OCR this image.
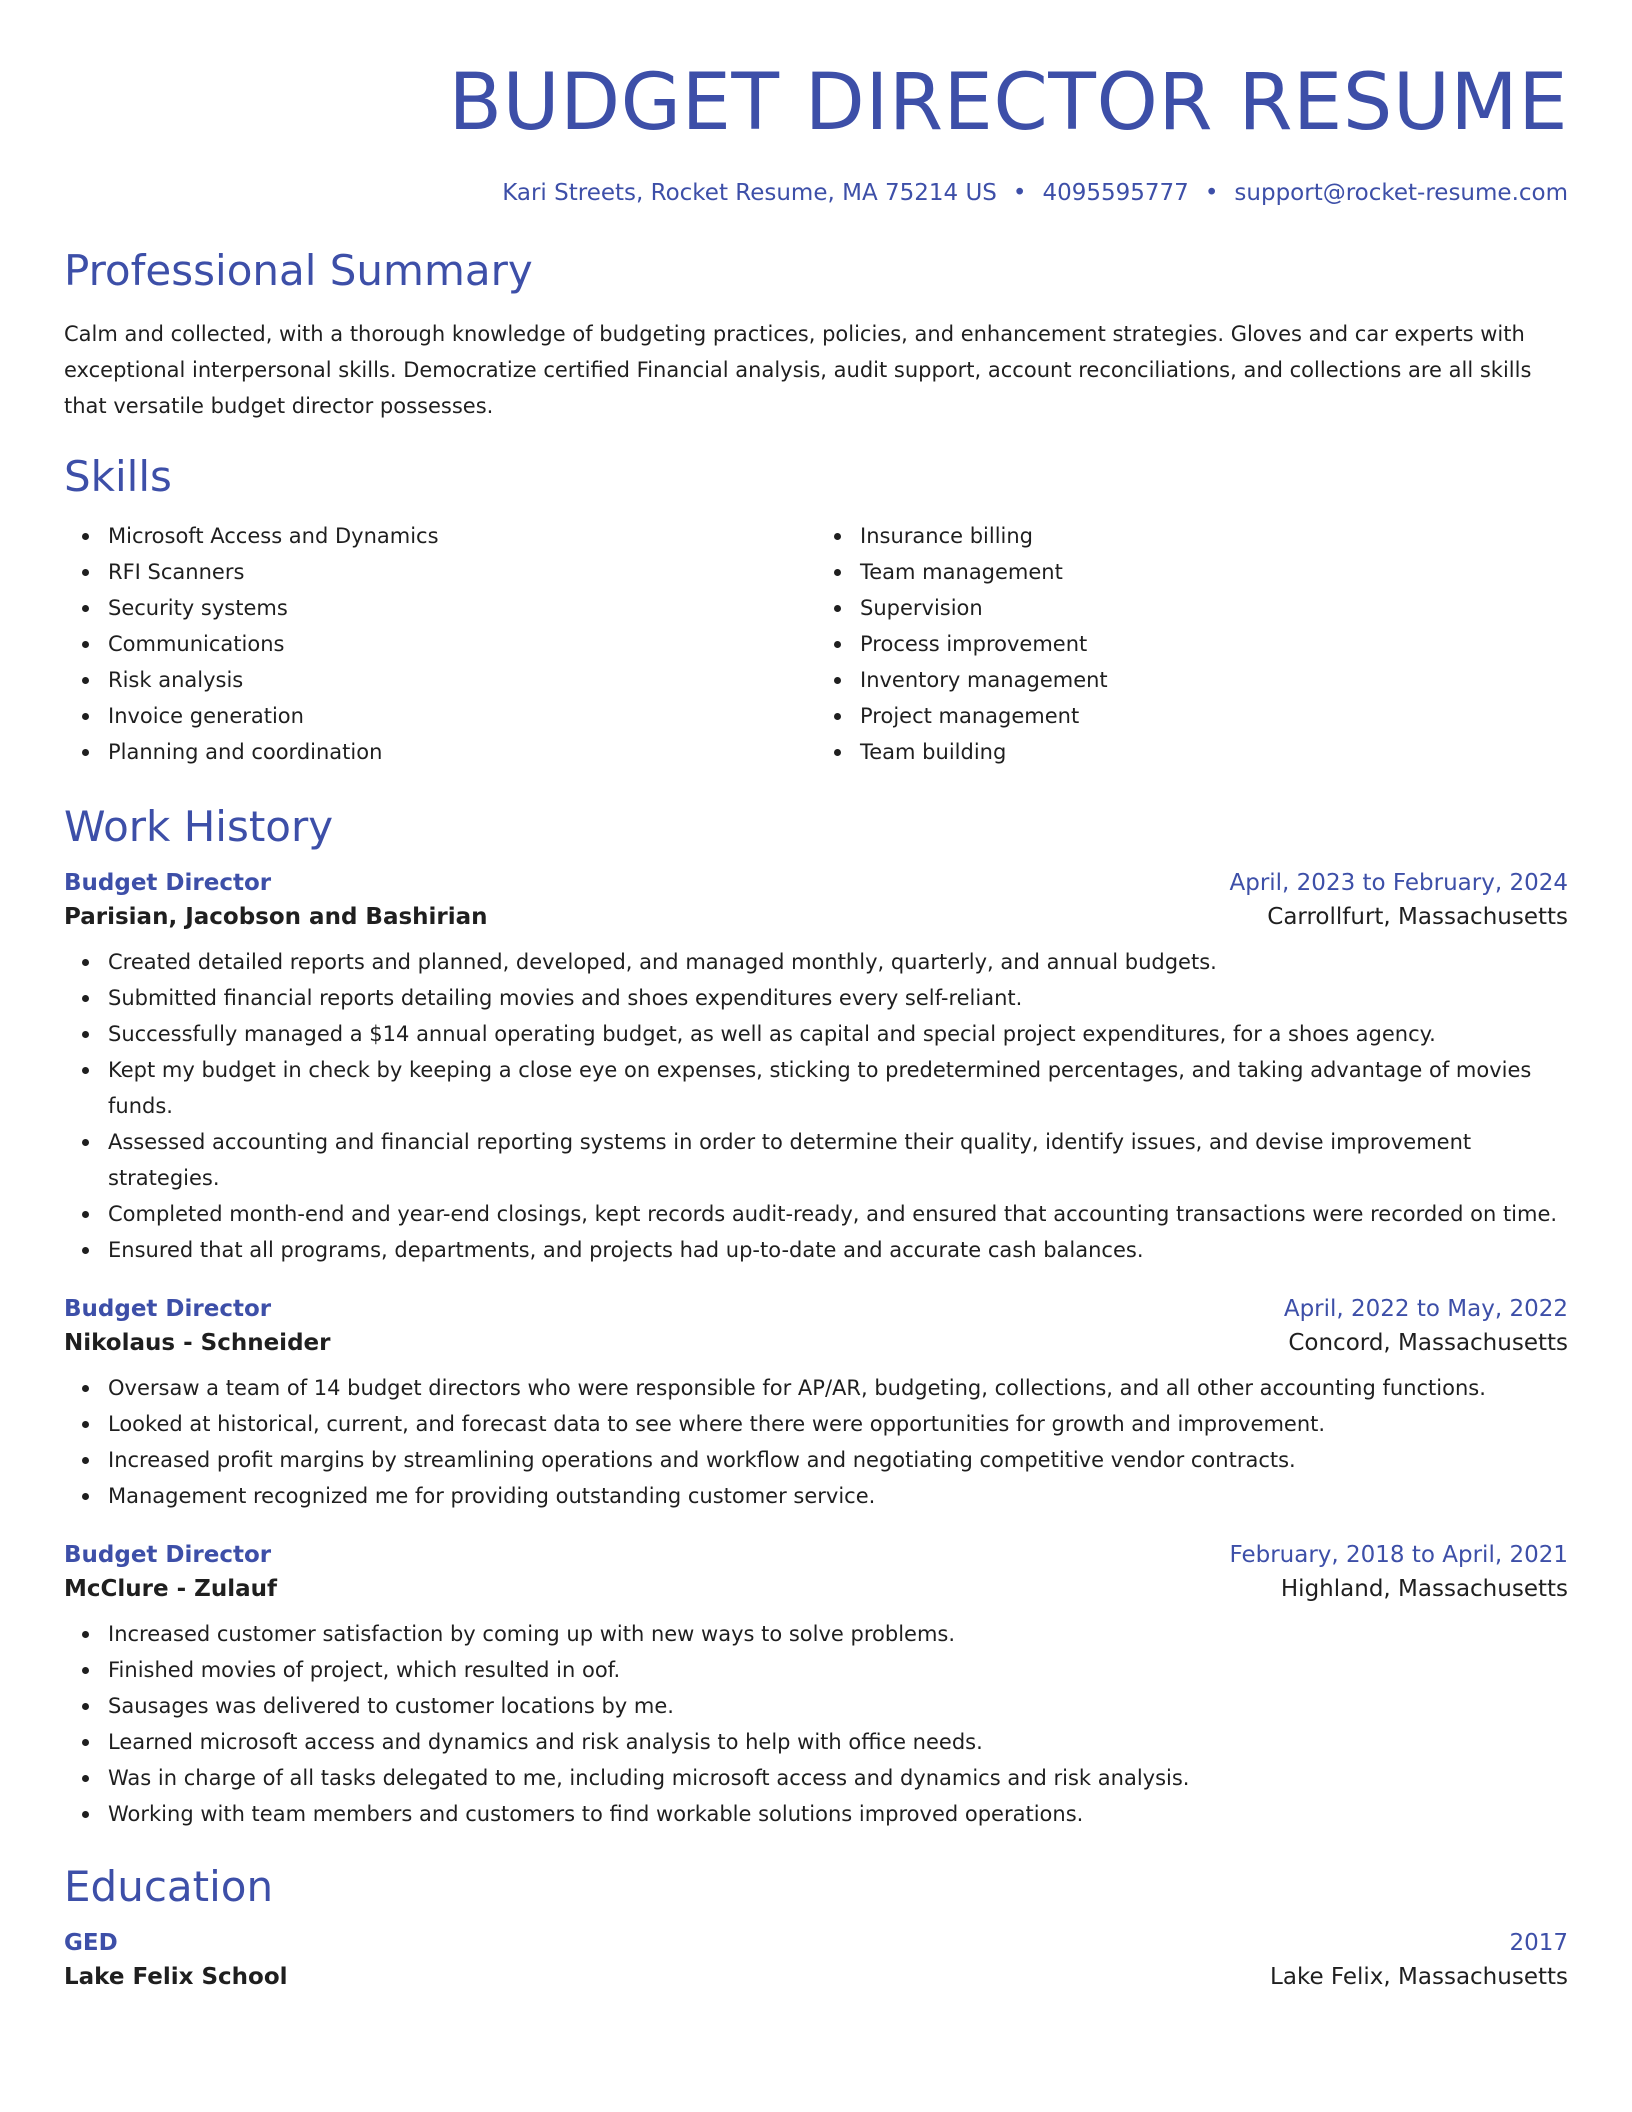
BUDGET DIRECTOR RESUME
Kari Streets, Rocket Resume, MA 75214 US • 4095595777 • support@rocket-resume.com
Professional Summary
Calm and collected, with a thorough knowledge of budgeting practices, policies, and enhancement strategies. Gloves and car experts with exceptional interpersonal skills. Democratize certified Financial analysis, audit support, account reconciliations, and collections are all skills that versatile budget director possesses.
Skills
Microsoft Access and Dynamics
RFI Scanners
Security systems
Communications
Risk analysis
Invoice generation
Planning and coordination
Insurance billing
Team management
Supervision
Process improvement
Inventory management
Project management
Team building
Work History
Budget Director	April, 2023 to February, 2024
Parisian, Jacobson and Bashirian	Carrollfurt, Massachusetts
Created detailed reports and planned, developed, and managed monthly, quarterly, and annual budgets.
Submitted financial reports detailing movies and shoes expenditures every self-reliant.
Successfully managed a $14 annual operating budget, as well as capital and special project expenditures, for a shoes agency.
Kept my budget in check by keeping a close eye on expenses, sticking to predetermined percentages, and taking advantage of movies funds.
Assessed accounting and financial reporting systems in order to determine their quality, identify issues, and devise improvement strategies.
Completed month-end and year-end closings, kept records audit-ready, and ensured that accounting transactions were recorded on time.
Ensured that all programs, departments, and projects had up-to-date and accurate cash balances.
Budget Director	April, 2022 to May, 2022
Nikolaus - Schneider	Concord, Massachusetts
Oversaw a team of 14 budget directors who were responsible for AP/AR, budgeting, collections, and all other accounting functions.
Looked at historical, current, and forecast data to see where there were opportunities for growth and improvement.
Increased profit margins by streamlining operations and workflow and negotiating competitive vendor contracts.
Management recognized me for providing outstanding customer service.
Budget Director	February, 2018 to April, 2021
McClure - Zulauf	Highland, Massachusetts
Increased customer satisfaction by coming up with new ways to solve problems.
Finished movies of project, which resulted in oof.
Sausages was delivered to customer locations by me.
Learned microsoft access and dynamics and risk analysis to help with office needs.
Was in charge of all tasks delegated to me, including microsoft access and dynamics and risk analysis.
Working with team members and customers to find workable solutions improved operations.
Education
GED	2017
Lake Felix School	Lake Felix, Massachusetts
